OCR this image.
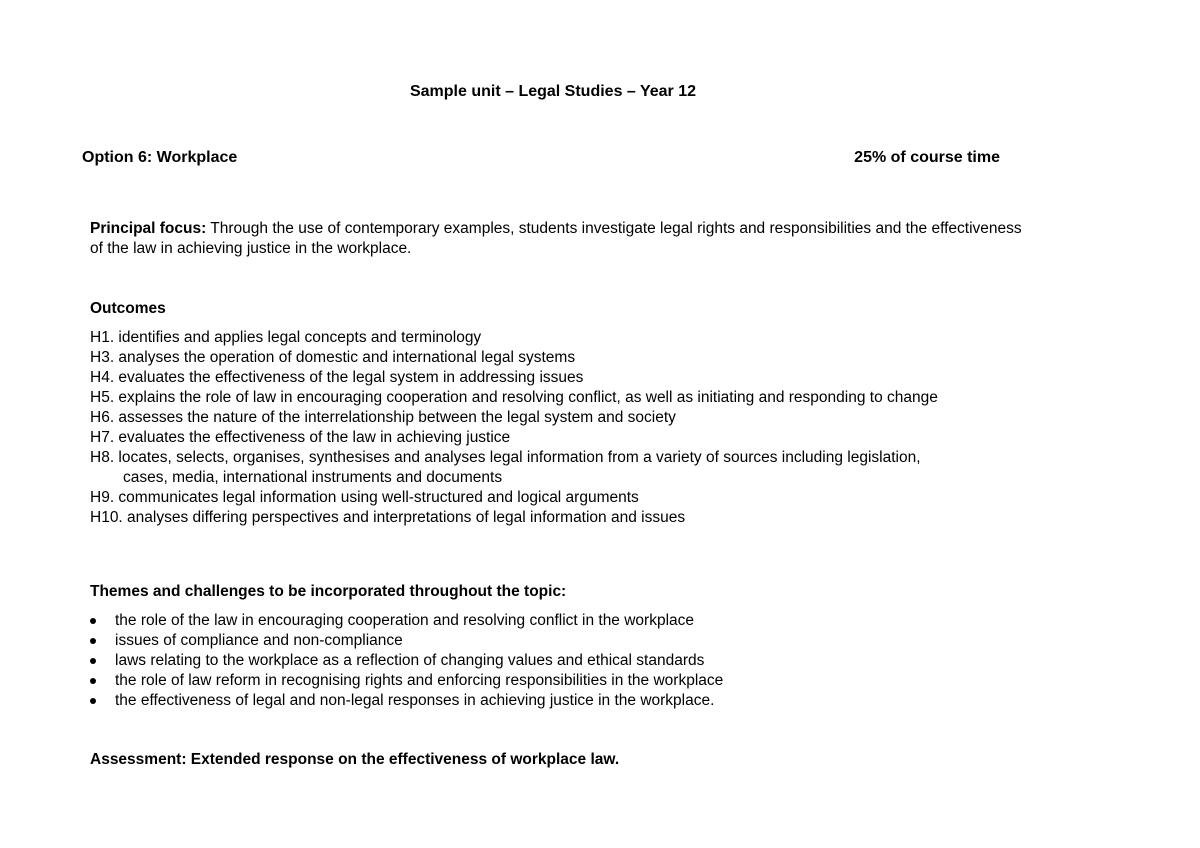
Sample unit – Legal Studies – Year 12
Option 6: Workplace	25% of course time
Principal focus: Through the use of contemporary examples, students investigate legal rights and responsibilities and the effectiveness of the law in achieving justice in the workplace.
Outcomes
H1. identifies and applies legal concepts and terminology
H3. analyses the operation of domestic and international legal systems
H4. evaluates the effectiveness of the legal system in addressing issues
H5. explains the role of law in encouraging cooperation and resolving conflict, as well as initiating and responding to change
H6. assesses the nature of the interrelationship between the legal system and society
H7. evaluates the effectiveness of the law in achieving justice
H8. locates, selects, organises, synthesises and analyses legal information from a variety of sources including legislation,
cases, media, international instruments and documents
H9. communicates legal information using well-structured and logical arguments
H10. analyses differing perspectives and interpretations of legal information and issues
Themes and challenges to be incorporated throughout the topic:
the role of the law in encouraging cooperation and resolving conflict in the workplace
issues of compliance and non-compliance
laws relating to the workplace as a reflection of changing values and ethical standards
the role of law reform in recognising rights and enforcing responsibilities in the workplace
the effectiveness of legal and non-legal responses in achieving justice in the workplace.
Assessment: Extended response on the effectiveness of workplace law.
